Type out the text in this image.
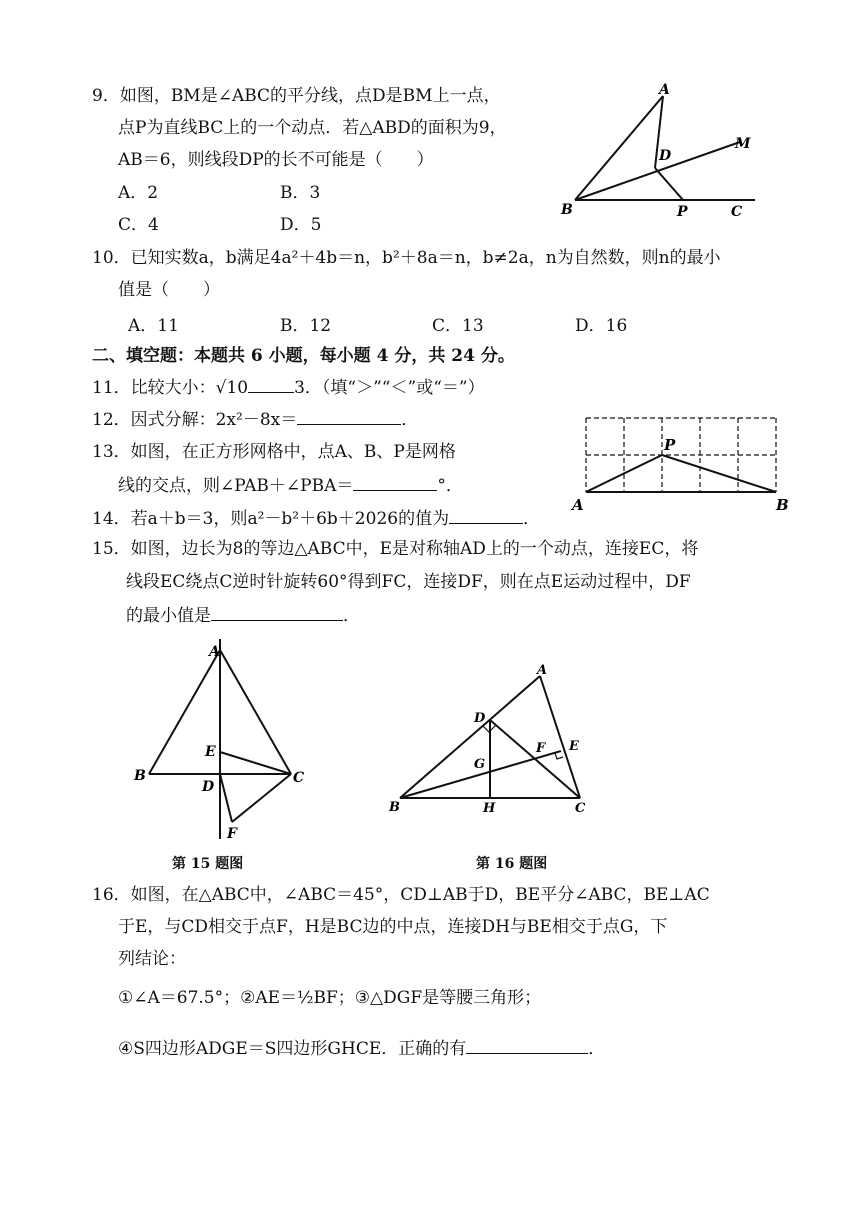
9．如图，BM是∠ABC的平分线，点D是BM上一点，
点P为直线BC上的一个动点．若△ABD的面积为9，
AB＝6，则线段DP的长不可能是（　　）
A．2	B．3
C．4	D．5
A
D
M
B	P	C
10．已知实数a，b满足4a²＋4b＝n，b²＋8a＝n，b≠2a，n为自然数，则n的最小
值是（　　）
A．11	B．12	C．13	D．16
二、填空题：本题共 6 小题，每小题 4 分，共 24 分。
11．比较大小：√10	3．（填“＞”“＜”或“＝”）
12．因式分解：2x²－8x＝	．
13．如图，在正方形网格中，点A、B、P是网格
线的交点，则∠PAB＋∠PBA＝	°．
P
A	B
14．若a＋b＝3，则a²－b²＋6b＋2026的值为	．
15．如图，边长为8的等边△ABC中，E是对称轴AD上的一个动点，连接EC，将
线段EC绕点C逆时针旋转60°得到FC，连接DF，则在点E运动过程中，DF
的最小值是	．
A
E
B
D
C
F
第 15 题图
D
A
F E
G
B	H	C
第 16 题图
16．如图，在△ABC中，∠ABC＝45°，CD⊥AB于D，BE平分∠ABC，BE⊥AC
于E，与CD相交于点F，H是BC边的中点，连接DH与BE相交于点G，下
列结论：
①∠A＝67.5°；②AE＝½BF；③△DGF是等腰三角形；
④S四边形ADGE＝S四边形GHCE．正确的有	．
